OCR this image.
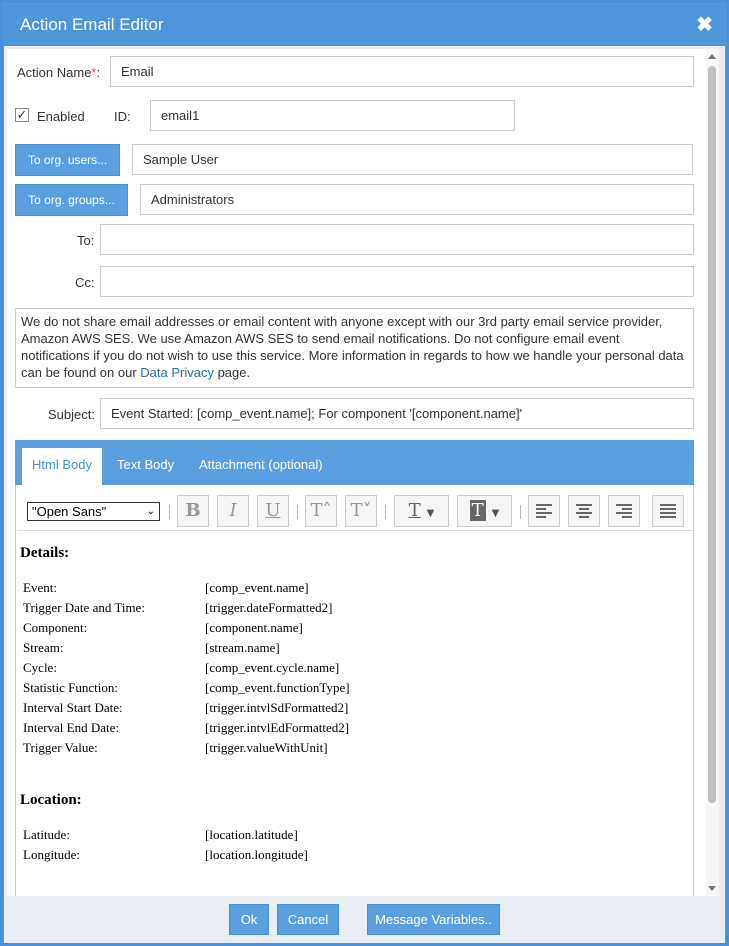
Action Email Editor	✖
Action Name*:	Email
✓ Enabled ID:	email1
To org. users...	Sample User
To org. groups...	Administrators
To:
Cc:
We do not share email addresses or email content with anyone except with our 3rd party email service provider, Amazon AWS SES. We use Amazon AWS SES to send email notifications. Do not configure email event notifications if you do not wish to use this service. More information in regards to how we handle your personal data can be found on our Data Privacy page.
Subject:	Event Started: [comp_event.name]; For component '[component.name]'
Html Body	Text Body	Attachment (optional)
"Open Sans"	⌄	B	I	U	T˄	T˅	T ▼	T ▼
Details:
Event:	[comp_event.name]
Trigger Date and Time:	[trigger.dateFormatted2]
Component:	[component.name]
Stream:	[stream.name]
Cycle:	[comp_event.cycle.name]
Statistic Function:	[comp_event.functionType]
Interval Start Date:	[trigger.intvlSdFormatted2]
Interval End Date:	[trigger.intvlEdFormatted2]
Trigger Value:	[trigger.valueWithUnit]
Location:
Latitude:	[location.latitude]
Longitude:	[location.longitude]
Ok	Cancel	Message Variables..
